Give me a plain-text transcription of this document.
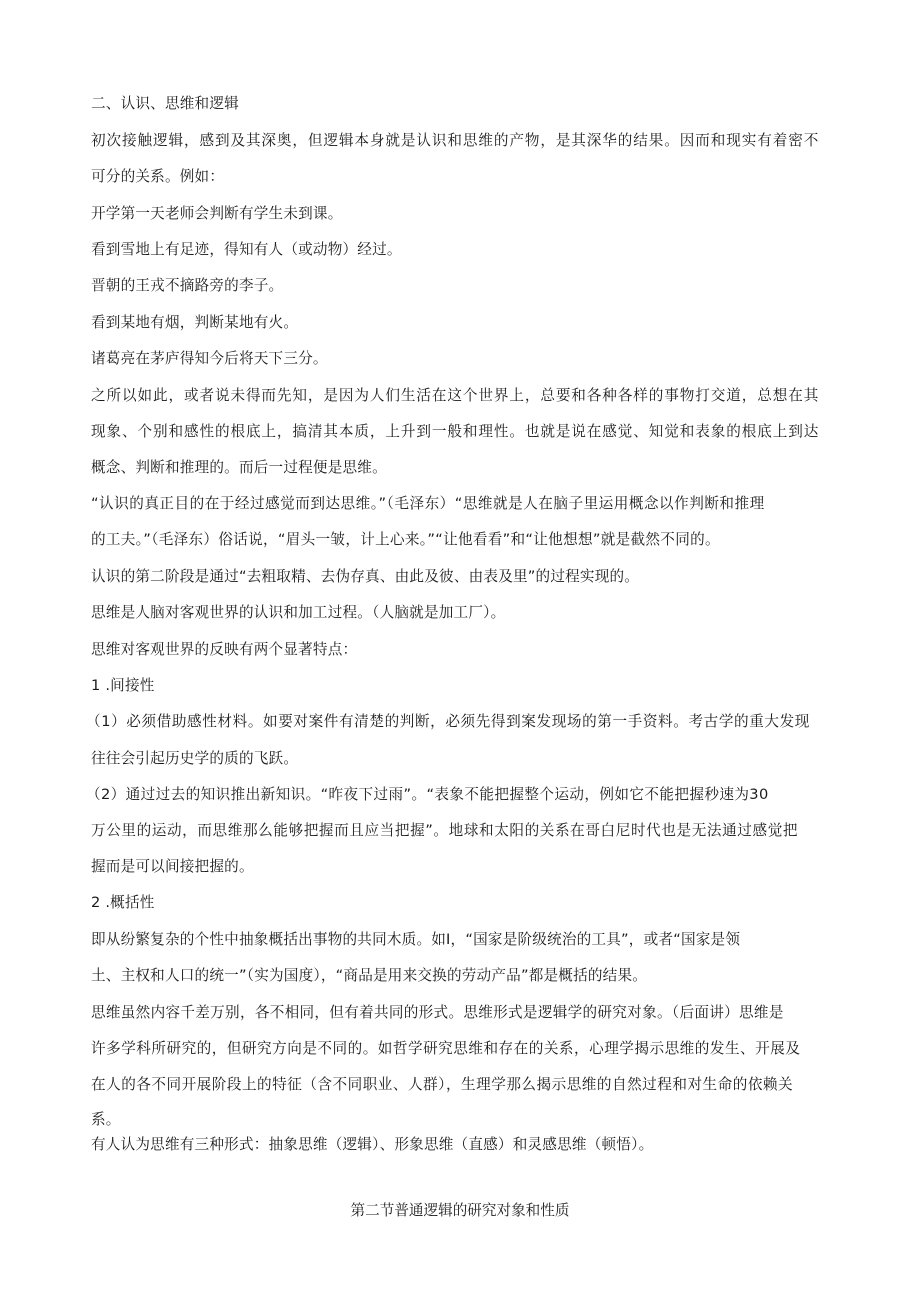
二、认识、思维和逻辑
初次接触逻辑，感到及其深奥，但逻辑本身就是认识和思维的产物，是其深华的结果。因而和现实有着密不
可分的关系。例如：
开学第一天老师会判断有学生未到课。
看到雪地上有足迹，得知有人（或动物）经过。
晋朝的王戎不摘路旁的李子。
看到某地有烟，判断某地有火。
诸葛亮在茅庐得知今后将天下三分。
之所以如此，或者说未得而先知，是因为人们生活在这个世界上，总要和各种各样的事物打交道，总想在其
现象、个别和感性的根底上，搞清其本质，上升到一般和理性。也就是说在感觉、知觉和表象的根底上到达
概念、判断和推理的。而后一过程便是思维。
“认识的真正目的在于经过感觉而到达思维。”（毛泽东）“思维就是人在脑子里运用概念以作判断和推理
的工夫。”（毛泽东）俗话说，“眉头一皱，计上心来。”“让他看看”和“让他想想”就是截然不同的。
认识的第二阶段是通过“去粗取精、去伪存真、由此及彼、由表及里”的过程实现的。
思维是人脑对客观世界的认识和加工过程。（人脑就是加工厂）。
思维对客观世界的反映有两个显著特点：
1 .间接性
（1）必须借助感性材料。如要对案件有清楚的判断，必须先得到案发现场的第一手资料。考古学的重大发现
往往会引起历史学的质的飞跃。
（2）通过过去的知识推出新知识。“昨夜下过雨”。“表象不能把握整个运动，例如它不能把握秒速为30
万公里的运动，而思维那么能够把握而且应当把握”。地球和太阳的关系在哥白尼时代也是无法通过感觉把
握而是可以间接把握的。
2 .概括性
即从纷繁复杂的个性中抽象概括出事物的共同木质。如I，“国家是阶级统治的工具”，或者“国家是领
土、主权和人口的统一”（实为国度），“商品是用来交换的劳动产品”都是概括的结果。
思维虽然内容千差万别，各不相同，但有着共同的形式。思维形式是逻辑学的研究对象。（后面讲）思维是
许多学科所研究的，但研究方向是不同的。如哲学研究思维和存在的关系，心理学揭示思维的发生、开展及
在人的各不同开展阶段上的特征（含不同职业、人群），生理学那么揭示思维的自然过程和对生命的依赖关
系。
有人认为思维有三种形式：抽象思维（逻辑）、形象思维（直感）和灵感思维（顿悟）。
第二节普通逻辑的研究对象和性质
